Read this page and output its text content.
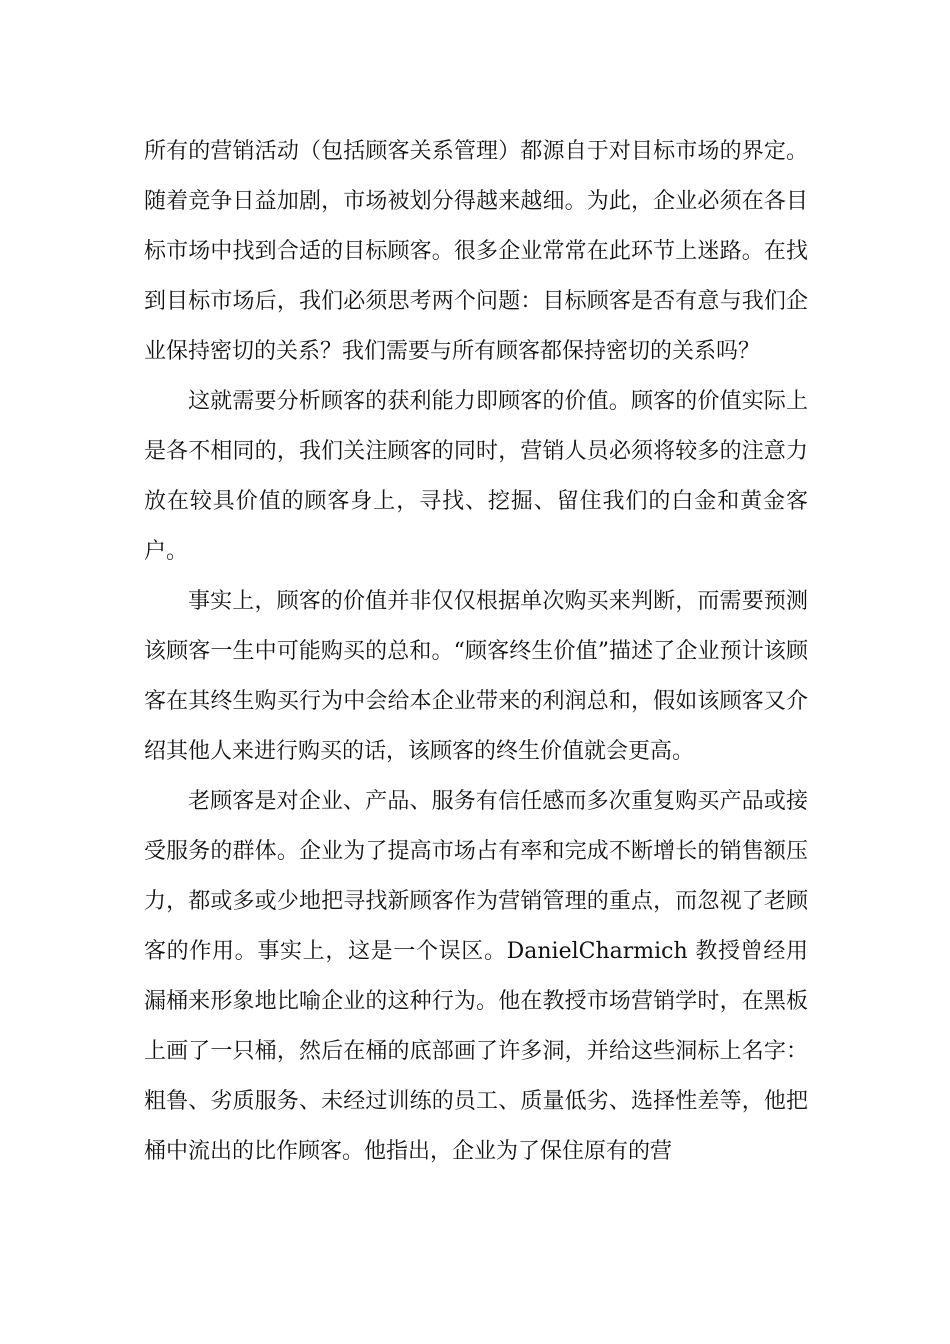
所有的营销活动（包括顾客关系管理）都源自于对目标市场的界定。随着竞争日益加剧，市场被划分得越来越细。为此，企业必须在各目标市场中找到合适的目标顾客。很多企业常常在此环节上迷路。在找到目标市场后，我们必须思考两个问题：目标顾客是否有意与我们企业保持密切的关系？我们需要与所有顾客都保持密切的关系吗？

这就需要分析顾客的获利能力即顾客的价值。顾客的价值实际上是各不相同的，我们关注顾客的同时，营销人员必须将较多的注意力放在较具价值的顾客身上，寻找、挖掘、留住我们的白金和黄金客户。

事实上，顾客的价值并非仅仅根据单次购买来判断，而需要预测该顾客一生中可能购买的总和。“顾客终生价值”描述了企业预计该顾客在其终生购买行为中会给本企业带来的利润总和，假如该顾客又介绍其他人来进行购买的话，该顾客的终生价值就会更高。

老顾客是对企业、产品、服务有信任感而多次重复购买产品或接受服务的群体。企业为了提高市场占有率和完成不断增长的销售额压力，都或多或少地把寻找新顾客作为营销管理的重点，而忽视了老顾客的作用。事实上，这是一个误区。DanielCharmich 教授曾经用漏桶来形象地比喻企业的这种行为。他在教授市场营销学时，在黑板上画了一只桶，然后在桶的底部画了许多洞，并给这些洞标上名字：粗鲁、劣质服务、未经过训练的员工、质量低劣、选择性差等，他把桶中流出的比作顾客。他指出，企业为了保住原有的营
